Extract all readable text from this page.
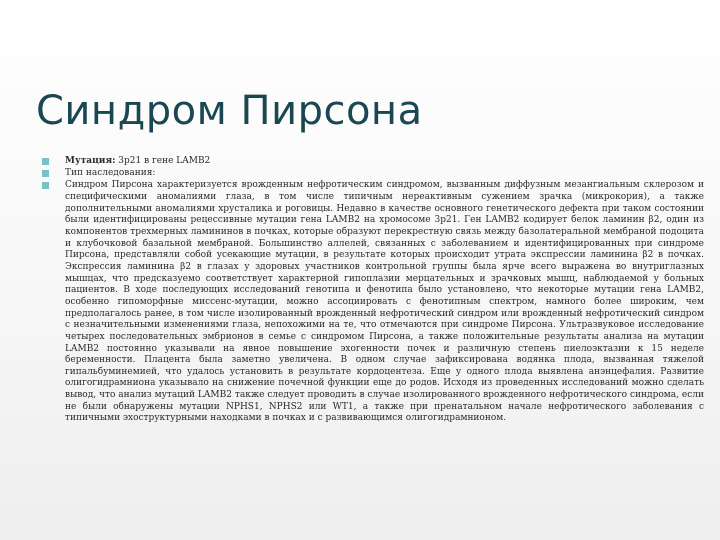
Синдром Пирсона
Мутация: 3p21 в гене LAMB2
Тип наследования:
Синдром Пирсона характеризуется врожденным нефротическим синдромом, вызванным диффузным мезангиальным склерозом и специфическими аномалиями глаза, в том числе типичным нереактивным сужением зрачка (микрокория), а также дополнительными аномалиями хрусталика и роговицы. Недавно в качестве основного генетического дефекта при таком состоянии были идентифицированы рецессивные мутации гена LAMB2 на хромосоме 3p21. Ген LAMB2 кодирует белок ламинин β2, один из компонентов трехмерных ламининов в почках, которые образуют перекрестную связь между базолатеральной мембраной подоцита и клубочковой базальной мембраной. Большинство аллелей, связанных с заболеванием и идентифицированных при синдроме Пирсона, представляли собой усекающие мутации, в результате которых происходит утрата экспрессии ламинина β2 в почках. Экспрессия ламинина β2 в глазах у здоровых участников контрольной группы была ярче всего выражена во внутриглазных мышцах, что предсказуемо соответствует характерной гипоплазии мерцательных и зрачковых мышц, наблюдаемой у больных пациентов. В ходе последующих исследований генотипа и фенотипа было установлено, что некоторые мутации гена LAMB2, особенно гипоморфные миссенс-мутации, можно ассоциировать с фенотипным спектром, намного более широким, чем предполагалось ранее, в том числе изолированный врожденный нефротический синдром или врожденный нефротический синдром с незначительными изменениями глаза, непохожими на те, что отмечаются при синдроме Пирсона. Ультразвуковое исследование четырех последовательных эмбрионов в семье с синдромом Пирсона, а также положительные результаты анализа на мутации LAMB2 постоянно указывали на явное повышение эхогенности почек и различную степень пиелоэктазии к 15 неделе беременности. Плацента была заметно увеличена. В одном случае зафиксирована водянка плода, вызванная тяжелой гипальбуминемией, что удалось установить в результате кордоцентеза. Еще у одного плода выявлена анэнцефалия. Развитие олигогидрамниона указывало на снижение почечной функции еще до родов. Исходя из проведенных исследований можно сделать вывод, что анализ мутаций LAMB2 также следует проводить в случае изолированного врожденного нефротического синдрома, если не были обнаружены мутации NPHS1, NPHS2 или WT1, а также при пренатальном начале нефротического заболевания с типичными эхоструктурными находками в почках и с развивающимся олигогидрамнионом.
